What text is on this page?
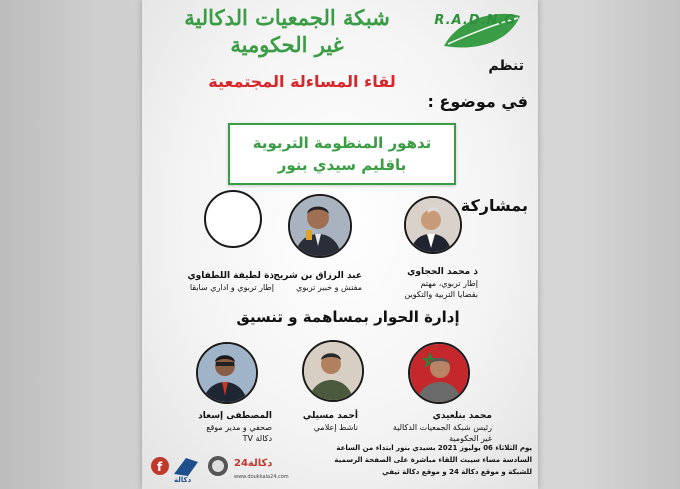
R.A.D.N.G
شبكة الجمعيات الدكالية
غير الحكومية
تنظم
لقاء المساءلة المجتمعية
في موضوع :
تدهور المنظومة التربوية
باقليم سيدي بنور
بمشاركة
ذ محمد الحجاوي
إطار تربوي، مهتم
بقضايا التربية والتكوين
عبد الرزاق بن شريج
مفتش و خبير تربوي
ذة لطيفة اللطفاوي
إطار تربوي و اداري سابقا
إدارة الحوار بمساهمة و تنسيق
محمد بنلعيدي
رئيس شبكة الجمعيات الدكالية
غير الحكومية
أحمد مسيلي
ناشط إعلامي
المصطفى إسعاد
صحفي و مدير موقع
دكالة TV
يوم الثلاثاء 06 يوليوز 2021 بسيدي بنور ابتداء من الساعة
السادسة مساء سيبث اللقاء مباشرة على الصفحة الرسمية
للشبكة و موقع دكالة 24 و موقع دكالة تيفي
f
دكالة
دكالة24
www.doukkala24.com
